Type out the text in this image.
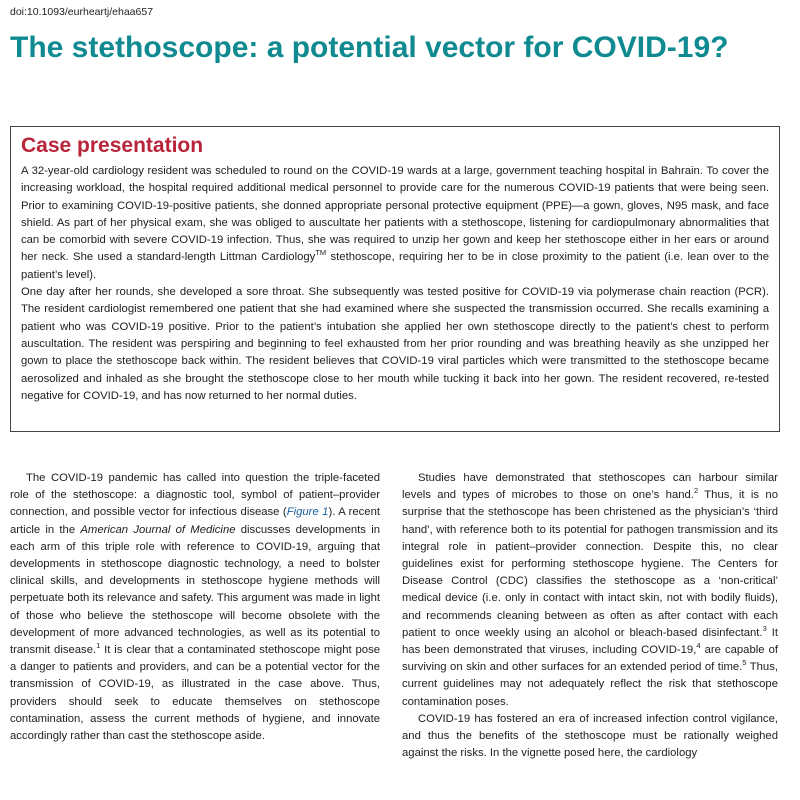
doi:10.1093/eurheartj/ehaa657
The stethoscope: a potential vector for COVID-19?
Case presentation

A 32-year-old cardiology resident was scheduled to round on the COVID-19 wards at a large, government teaching hospital in Bahrain. To cover the increasing workload, the hospital required additional medical personnel to provide care for the numerous COVID-19 patients that were being seen. Prior to examining COVID-19-positive patients, she donned appropriate personal protective equipment (PPE)—a gown, gloves, N95 mask, and face shield. As part of her physical exam, she was obliged to auscultate her patients with a stethoscope, listening for cardiopulmonary abnormalities that can be comorbid with severe COVID-19 infection. Thus, she was required to unzip her gown and keep her stethoscope either in her ears or around her neck. She used a standard-length Littman Cardiology™ stethoscope, requiring her to be in close proximity to the patient (i.e. lean over to the patient’s level).

One day after her rounds, she developed a sore throat. She subsequently was tested positive for COVID-19 via polymerase chain reaction (PCR). The resident cardiologist remembered one patient that she had examined where she suspected the transmission occurred. She recalls examining a patient who was COVID-19 positive. Prior to the patient’s intubation she applied her own stethoscope directly to the patient’s chest to perform auscultation. The resident was perspiring and beginning to feel exhausted from her prior rounding and was breathing heavily as she unzipped her gown to place the stethoscope back within. The resident believes that COVID-19 viral particles which were transmitted to the stethoscope became aerosolized and inhaled as she brought the stethoscope close to her mouth while tucking it back into her gown. The resident recovered, re-tested negative for COVID-19, and has now returned to her normal duties.

The COVID-19 pandemic has called into question the triple-faceted role of the stethoscope: a diagnostic tool, symbol of patient–provider connection, and possible vector for infectious disease (Figure 1). A recent article in the American Journal of Medicine discusses developments in each arm of this triple role with reference to COVID-19, arguing that developments in stethoscope diagnostic technology, a need to bolster clinical skills, and developments in stethoscope hygiene methods will perpetuate both its relevance and safety. This argument was made in light of those who believe the stethoscope will become obsolete with the development of more advanced technologies, as well as its potential to transmit disease.$^1$ It is clear that a contaminated stethoscope might pose a danger to patients and providers, and can be a potential vector for the transmission of COVID-19, as illustrated in the case above. Thus, providers should seek to educate themselves on stethoscope contamination, assess the current methods of hygiene, and innovate accordingly rather than cast the stethoscope aside.

Studies have demonstrated that stethoscopes can harbour similar levels and types of microbes to those on one’s hand.$^2$ Thus, it is no surprise that the stethoscope has been christened as the physician’s ‘third hand’, with reference both to its potential for pathogen transmission and its integral role in patient–provider connection. Despite this, no clear guidelines exist for performing stethoscope hygiene. The Centers for Disease Control (CDC) classifies the stethoscope as a ‘non-critical’ medical device (i.e. only in contact with intact skin, not with bodily fluids), and recommends cleaning between as often as after contact with each patient to once weekly using an alcohol or bleach-based disinfectant.$^3$ It has been demonstrated that viruses, including COVID-19,$^4$ are capable of surviving on skin and other surfaces for an extended period of time.$^5$ Thus, current guidelines may not adequately reflect the risk that stethoscope contamination poses.

COVID-19 has fostered an era of increased infection control vigilance, and thus the benefits of the stethoscope must be rationally weighed against the risks. In the vignette posed here, the cardiology
